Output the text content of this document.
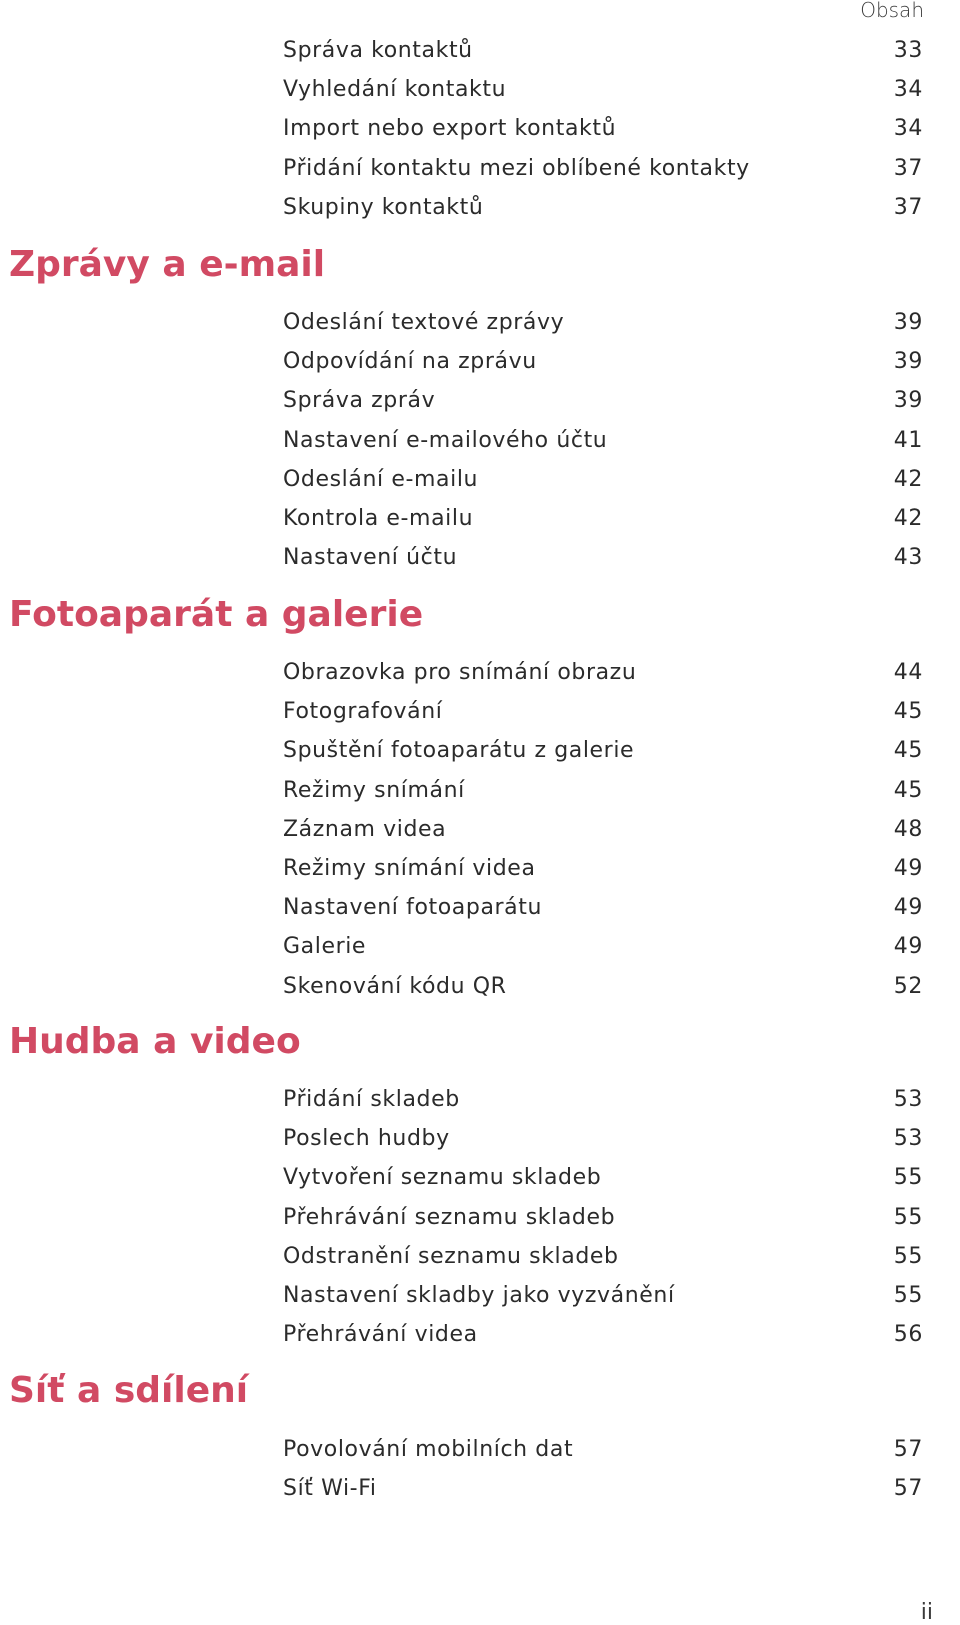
Obsah
Správa kontaktů	33
Vyhledání kontaktu	34
Import nebo export kontaktů	34
Přidání kontaktu mezi oblíbené kontakty	37
Skupiny kontaktů	37
Zprávy a e-mail
Odeslání textové zprávy	39
Odpovídání na zprávu	39
Správa zpráv	39
Nastavení e-mailového účtu	41
Odeslání e-mailu	42
Kontrola e-mailu	42
Nastavení účtu	43
Fotoaparát a galerie
Obrazovka pro snímání obrazu	44
Fotografování	45
Spuštění fotoaparátu z galerie	45
Režimy snímání	45
Záznam videa	48
Režimy snímání videa	49
Nastavení fotoaparátu	49
Galerie	49
Skenování kódu QR	52
Hudba a video
Přidání skladeb	53
Poslech hudby	53
Vytvoření seznamu skladeb	55
Přehrávání seznamu skladeb	55
Odstranění seznamu skladeb	55
Nastavení skladby jako vyzvánění	55
Přehrávání videa	56
Síť a sdílení
Povolování mobilních dat	57
Síť Wi-Fi	57
ii
